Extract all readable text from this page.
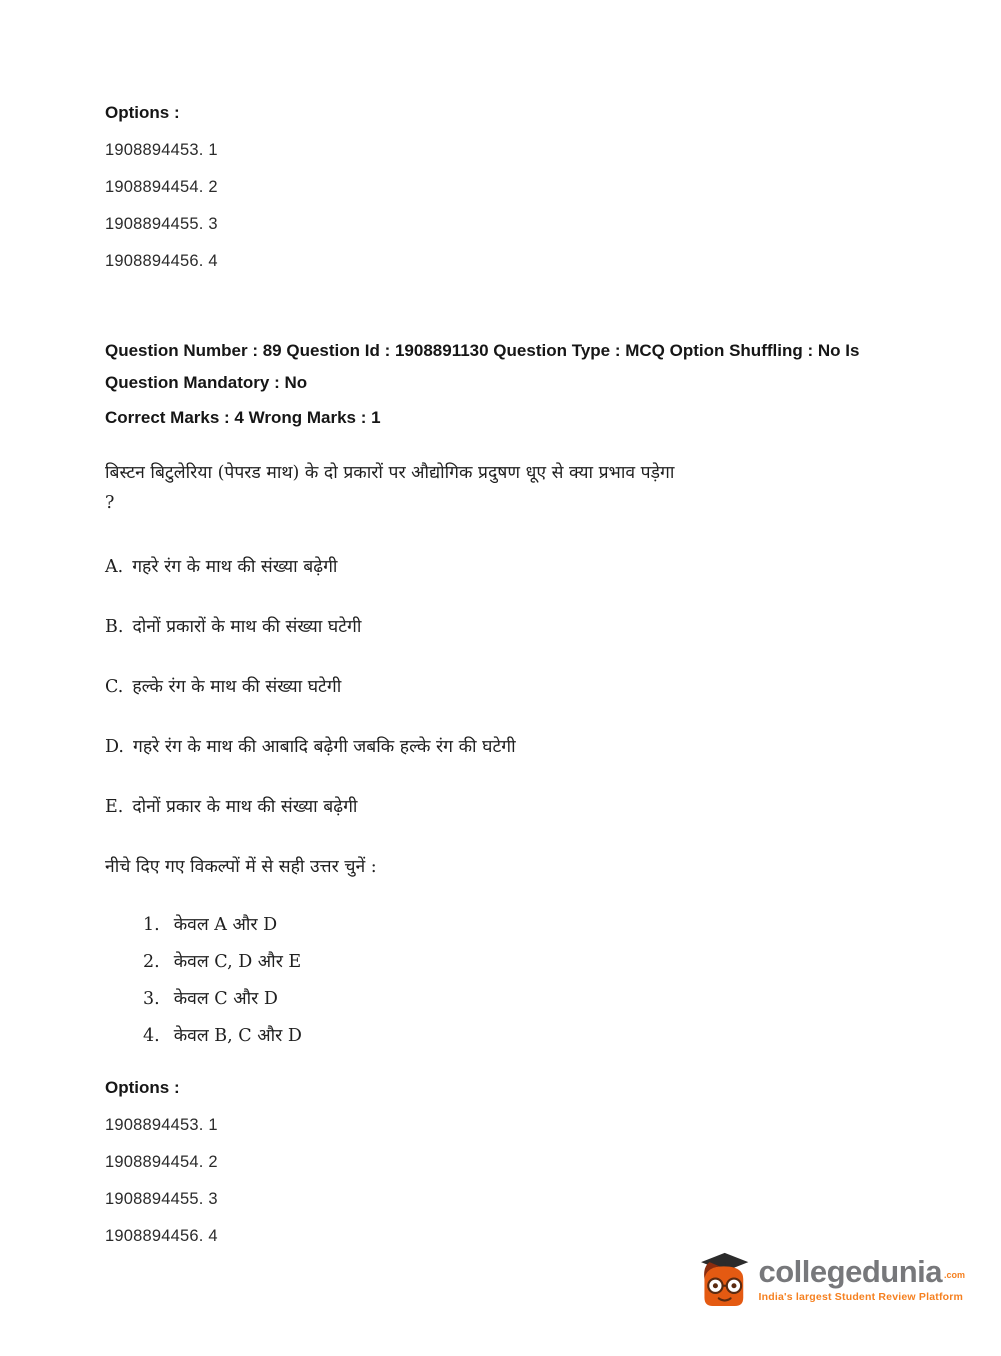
Options :
1908894453. 1
1908894454. 2
1908894455. 3
1908894456. 4
Question Number : 89 Question Id : 1908891130 Question Type : MCQ Option Shuffling : No Is
Question Mandatory : No
Correct Marks : 4 Wrong Marks : 1
बिस्टन बिटुलेरिया (पेपरड माथ) के दो प्रकारों पर औद्योगिक प्रदुषण धूए से क्या प्रभाव पड़ेगा
?
A. गहरे रंग के माथ की संख्या बढ़ेगी
B. दोनों प्रकारों के माथ की संख्या घटेगी
C. हल्के रंग के माथ की संख्या घटेगी
D. गहरे रंग के माथ की आबादि बढ़ेगी जबकि हल्के रंग की घटेगी
E. दोनों प्रकार के माथ की संख्या बढ़ेगी
नीचे दिए गए विकल्पों में से सही उत्तर चुनें :
1. केवल A और D
2. केवल C, D और E
3. केवल C और D
4. केवल B, C और D
Options :
1908894453. 1
1908894454. 2
1908894455. 3
1908894456. 4
collegedunia .com
India's largest Student Review Platform
